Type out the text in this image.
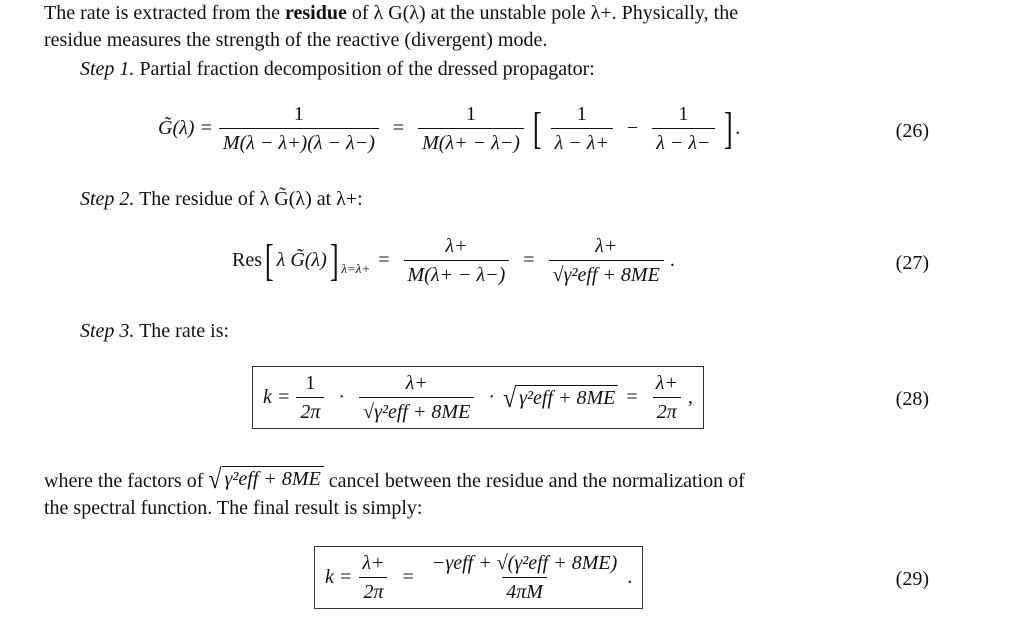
The rate is extracted from the residue of λ G(λ) at the unstable pole λ+. Physically, the
residue measures the strength of the reactive (divergent) mode.
Step 1. Partial fraction decomposition of the dressed propagator:
G̃(λ) = $\frac{1}{M(\lambda - \lambda+)(\lambda - \lambda-)} = \frac{1}{M(\lambda+ - \lambda-)}$ [ $\frac{1}{\lambda - \lambda+} - \frac{1}{\lambda - \lambda-}$ ] .	(26)
Step 2. The residue of λ G̃(λ) at λ+:
Res [ λ G̃(λ) ] $\lambda=\lambda+ = \frac{\lambda+}{M(\lambda+ - \lambda-)} = \frac{\lambda+}{\text{√γ²eff + 8ME}}$ .	(27)
Step 3. The rate is:
$k = \frac{1}{2\pi} \cdot \frac{\lambda+}{\text{√γ²eff + 8ME}}$ · √ $\gamma^2eff + 8ME = \frac{\lambda+}{2\pi}$ ,	(28)
where the factors of √ γ²eff + 8ME cancel between the residue and the normalization of
the spectral function. The final result is simply:
$k = \frac{\lambda+}{2\pi} = \frac{\text{−γeff + √(γ²eff + 8ME)}}{4\pi M}$ .	(29)
